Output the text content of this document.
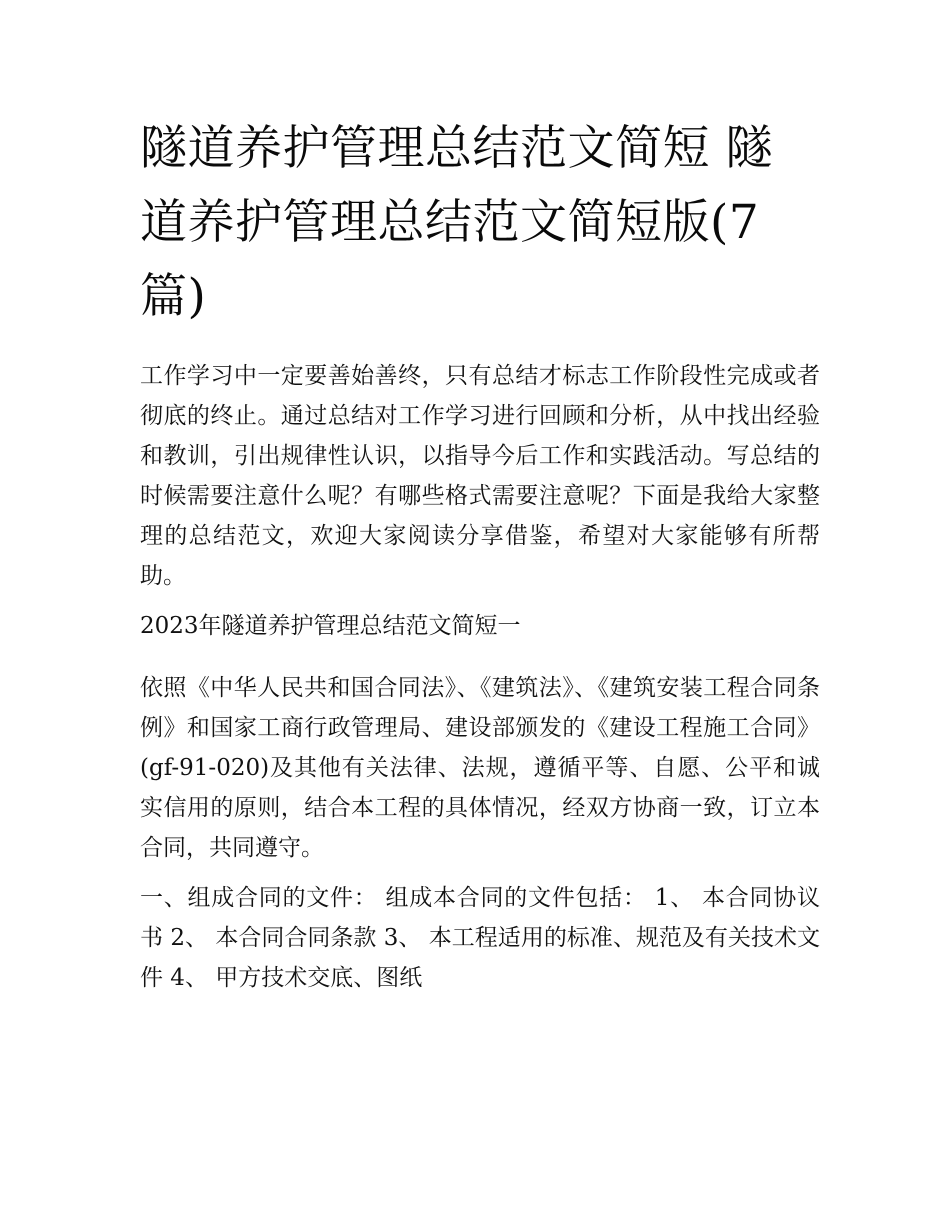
隧道养护管理总结范文简短 隧道养护管理总结范文简短版(7篇)

工作学习中一定要善始善终，只有总结才标志工作阶段性完成或者彻底的终止。通过总结对工作学习进行回顾和分析，从中找出经验和教训，引出规律性认识，以指导今后工作和实践活动。写总结的时候需要注意什么呢？有哪些格式需要注意呢？下面是我给大家整理的总结范文，欢迎大家阅读分享借鉴，希望对大家能够有所帮助。

2023年隧道养护管理总结范文简短一

依照《中华人民共和国合同法》、《建筑法》、《建筑安装工程合同条例》和国家工商行政管理局、建设部颁发的《建设工程施工合同》(gf-91-020)及其他有关法律、法规，遵循平等、自愿、公平和诚实信用的原则，结合本工程的具体情况，经双方协商一致，订立本合同，共同遵守。

一、组成合同的文件： 组成本合同的文件包括： 1、 本合同协议书 2、 本合同合同条款 3、 本工程适用的标准、规范及有关技术文件 4、 甲方技术交底、图纸
